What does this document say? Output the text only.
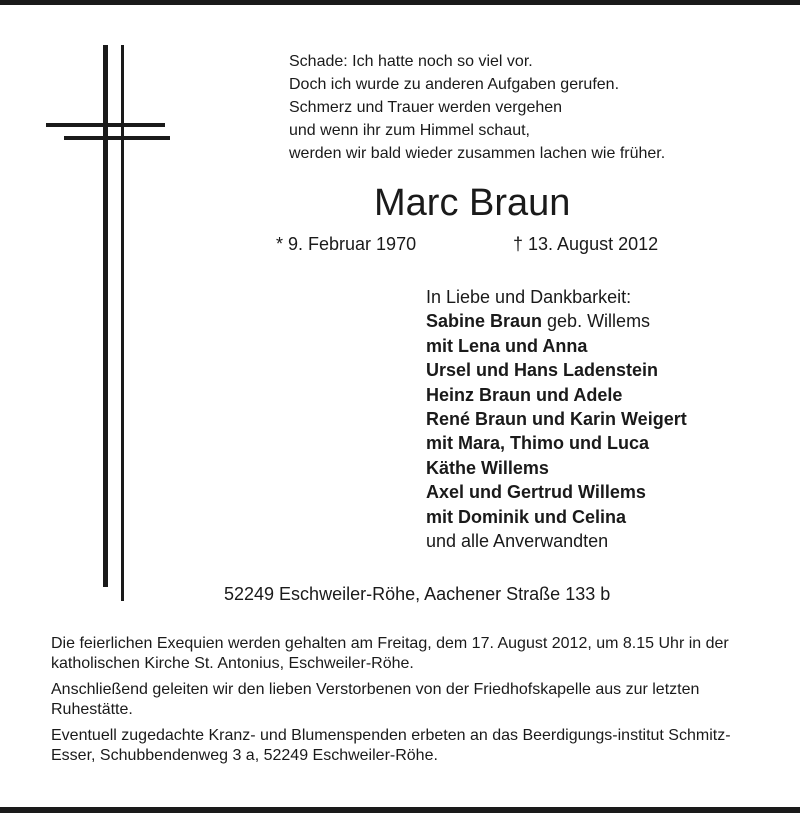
Schade: Ich hatte noch so viel vor.
Doch ich wurde zu anderen Aufgaben gerufen.
Schmerz und Trauer werden vergehen
und wenn ihr zum Himmel schaut,
werden wir bald wieder zusammen lachen wie früher.
Marc Braun
* 9. Februar 1970	† 13. August 2012
In Liebe und Dankbarkeit:
Sabine Braun geb. Willems
mit Lena und Anna
Ursel und Hans Ladenstein
Heinz Braun und Adele
René Braun und Karin Weigert
mit Mara, Thimo und Luca
Käthe Willems
Axel und Gertrud Willems
mit Dominik und Celina
und alle Anverwandten
52249 Eschweiler-Röhe, Aachener Straße 133 b

Die feierlichen Exequien werden gehalten am Freitag, dem 17. August 2012, um 8.15 Uhr in der katholischen Kirche St. Antonius, Eschweiler-Röhe.

Anschließend geleiten wir den lieben Verstorbenen von der Friedhofskapelle aus zur letzten Ruhestätte.

Eventuell zugedachte Kranz- und Blumenspenden erbeten an das Beerdigungs-institut Schmitz-Esser, Schubbendenweg 3 a, 52249 Eschweiler-Röhe.
